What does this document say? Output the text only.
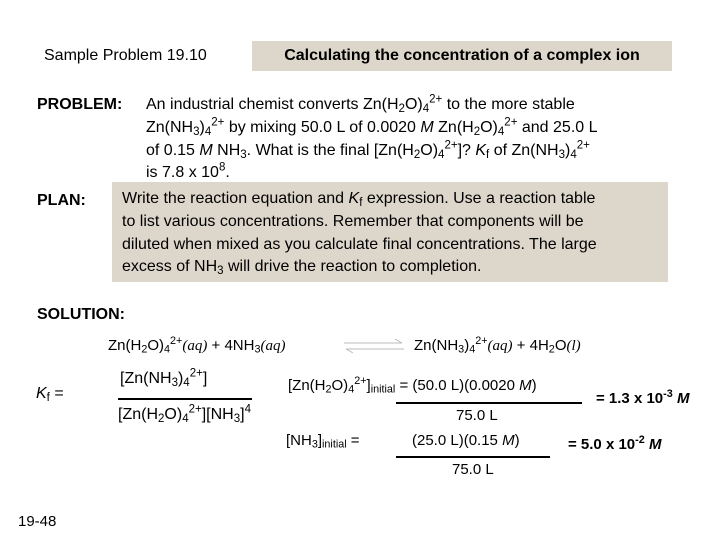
Sample Problem 19.10	Calculating the concentration of a complex ion
PROBLEM: An industrial chemist converts $Zn(H_2O)_4^{2+}$ to the more stable
$Zn(NH_3)_4^{2+}$ by mixing 50.0 L of 0.0020 M $Zn(H_2O)_4^{2+}$ and 25.0 L
of 0.15 M $NH_3$. What is the final $[Zn(H_2O)_4^{2+}]$? $K_f$ of $Zn(NH_3)_4^{2+}$
is 7.8 x $10^8$.
PLAN: Write the reaction equation and $K_f$ expression. Use a reaction table
to list various concentrations. Remember that components will be
diluted when mixed as you calculate final concentrations. The large
excess of $NH_3$ will drive the reaction to completion.
SOLUTION:
$Zn(H_2O)_4^{2+}(aq) + 4NH_3(aq)$	$Zn(NH_3)_4^{2+}(aq) + 4H_2O(l)$
$K_f$ =
$[Zn(NH_3)_4^{2+}]$
$[Zn(H_2O)_4^{2+}][NH_3]^4$
$[Zn(H_2O)_4^{2+}]_{initial} = (50.0$ L)(0.0020 M)
75.0 L
= 1.3 x $10^{-3}$ M
$[NH_3]_{initial}$ =	(25.0 L)(0.15 M)
75.0 L
= 5.0 x $10^{-2}$ M
19-48
